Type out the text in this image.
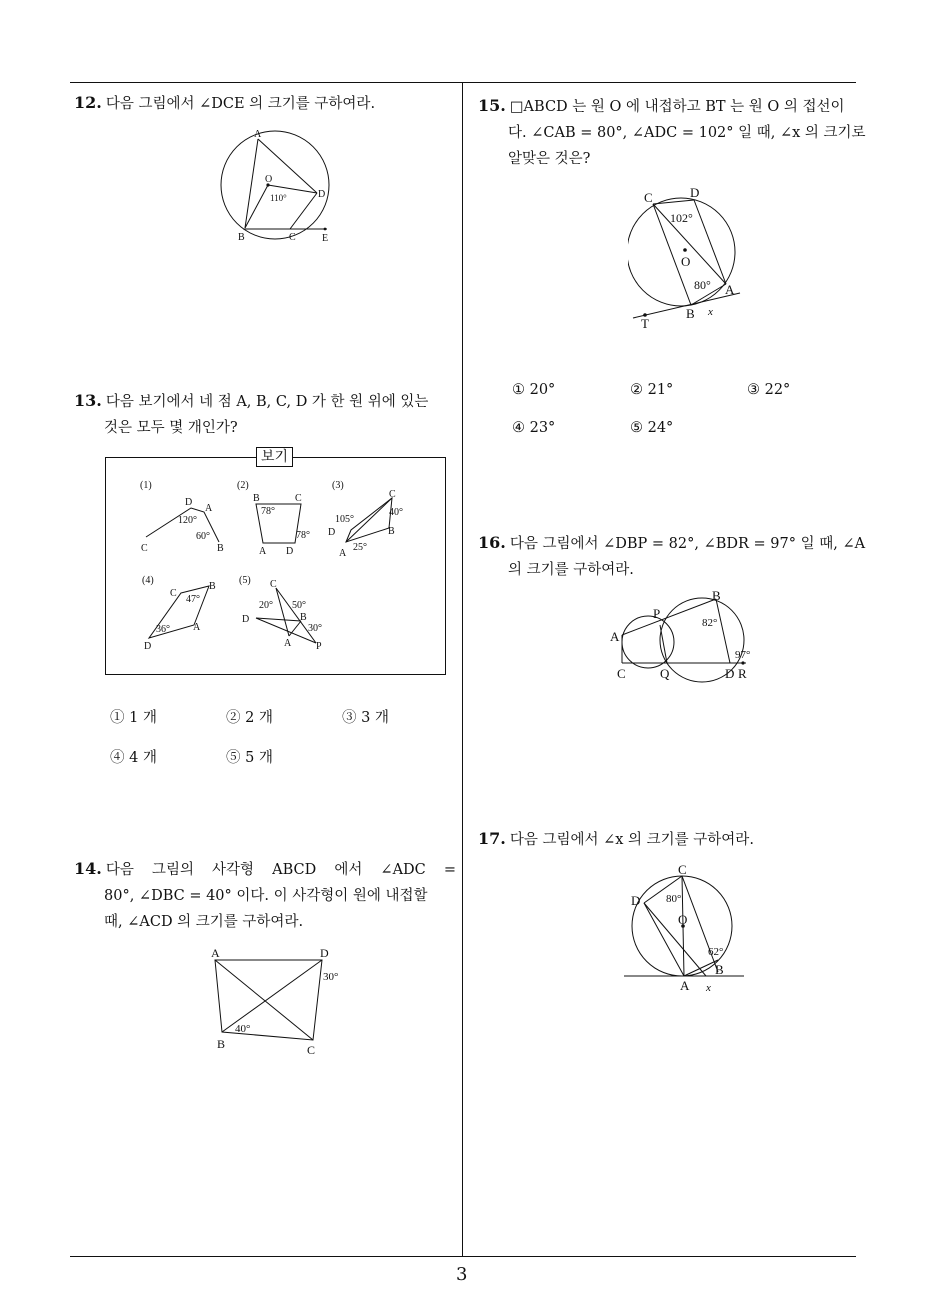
3
12. 다음 그림에서 ∠DCE 의 크기를 구하여라.
A
O
D
B	C	E
110°
13. 다음 보기에서 네 점 A, B, C, D 가 한 원 위에 있는
것은 모두 몇 개인가?
보기
(1)
D
A
C	B
120°
60°
(2)
B	C
A D
78°
78°
(3)
C
D	B
A
105°
40°
25°
(4)
C
B
A
D
47°
36°
(5) C
D	B
A P
20° 50°
30°
① 1 개	② 2 개	③ 3 개
④ 4 개	⑤ 5 개
14. 다음 그림의 사각형 ABCD 에서 ∠ADC =
80°, ∠DBC = 40° 이다. 이 사각형이 원에 내접할
때, ∠ACD 의 크기를 구하여라.
A	D
B	C
30°
40°
15. □ABCD 는 원 O 에 내접하고 BT 는 원 O 의 접선이
다. ∠CAB = 80°, ∠ADC = 102° 일 때, ∠x 의 크기로
알맞은 것은?
C	D
O
A
B
T
x
102°
80°
① 20°	② 21°	③ 22°
④ 23°	⑤ 24°
16. 다음 그림에서 ∠DBP = 82°, ∠BDR = 97° 일 때, ∠A
의 크기를 구하여라.
A
P
B
C	Q	D R
82°
97°
17. 다음 그림에서 ∠x 의 크기를 구하여라.
C
D
O
B
A x
80°
62°
